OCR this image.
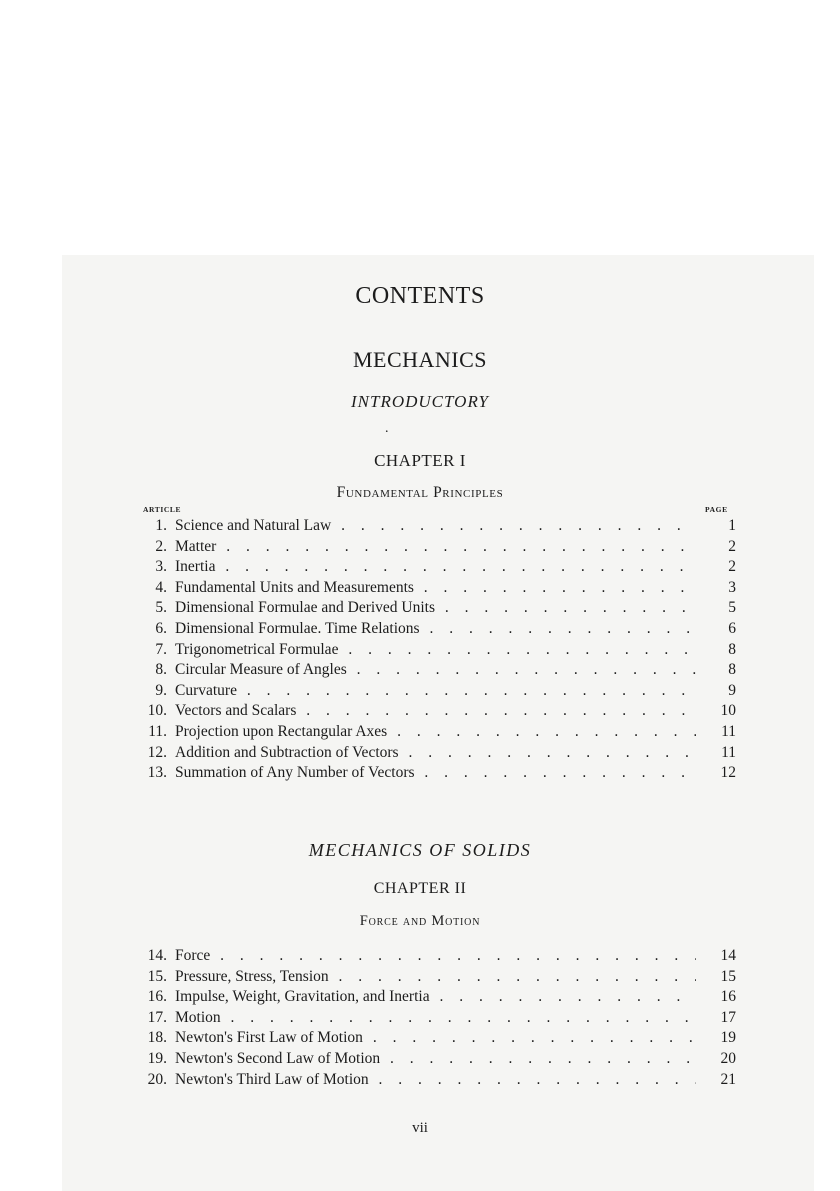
CONTENTS
MECHANICS
INTRODUCTORY
.
CHAPTER I
Fundamental Principles
ARTICLE	PAGE
1. Science and Natural Law . . .	1
2. Matter . . .	2
3. Inertia . . .	2
4. Fundamental Units and Measurements . . .	3
5. Dimensional Formulae and Derived Units . . .	5
6. Dimensional Formulae. Time Relations . . .	6
7. Trigonometrical Formulae . . .	8
8. Circular Measure of Angles . . .	8
9. Curvature . . .	9
10. Vectors and Scalars . . .	10
11. Projection upon Rectangular Axes . . .	11
12. Addition and Subtraction of Vectors . . .	11
13. Summation of Any Number of Vectors . . .	12
MECHANICS OF SOLIDS
CHAPTER II
Force and Motion
14. Force . . .	14
15. Pressure, Stress, Tension . . .	15
16. Impulse, Weight, Gravitation, and Inertia . . .	16
17. Motion . . .	17
18. Newton's First Law of Motion . . .	19
19. Newton's Second Law of Motion . . .	20
20. Newton's Third Law of Motion . . .	21
vii
